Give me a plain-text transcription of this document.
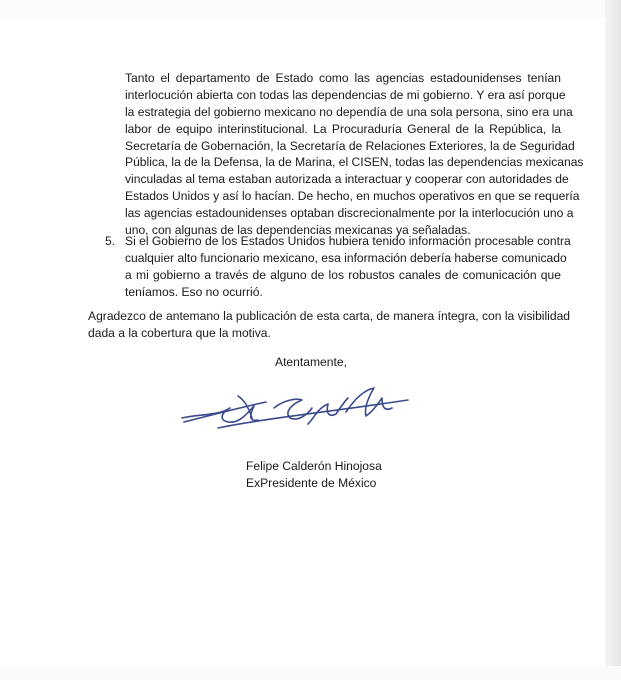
Tanto el departamento de Estado como las agencias estadounidenses tenían
interlocución abierta con todas las dependencias de mi gobierno. Y era así porque
la estrategia del gobierno mexicano no dependía de una sola persona, sino era una
labor de equipo interinstitucional. La Procuraduría General de la República, la
Secretaría de Gobernación, la Secretaría de Relaciones Exteriores, la de Seguridad
Pública, la de la Defensa, la de Marina, el CISEN, todas las dependencias mexicanas
vinculadas al tema estaban autorizada a interactuar y cooperar con autoridades de
Estados Unidos y así lo hacían. De hecho, en muchos operativos en que se requería
las agencias estadounidenses optaban discrecionalmente por la interlocución uno a
uno, con algunas de las dependencias mexicanas ya señaladas.
5. Si el Gobierno de los Estados Unidos hubiera tenido información procesable contra
cualquier alto funcionario mexicano, esa información debería haberse comunicado
a mi gobierno a través de alguno de los robustos canales de comunicación que
teníamos. Eso no ocurrió.
Agradezco de antemano la publicación de esta carta, de manera íntegra, con la visibilidad
dada a la cobertura que la motiva.
Atentamente,
Felipe Calderón Hinojosa
ExPresidente de México
